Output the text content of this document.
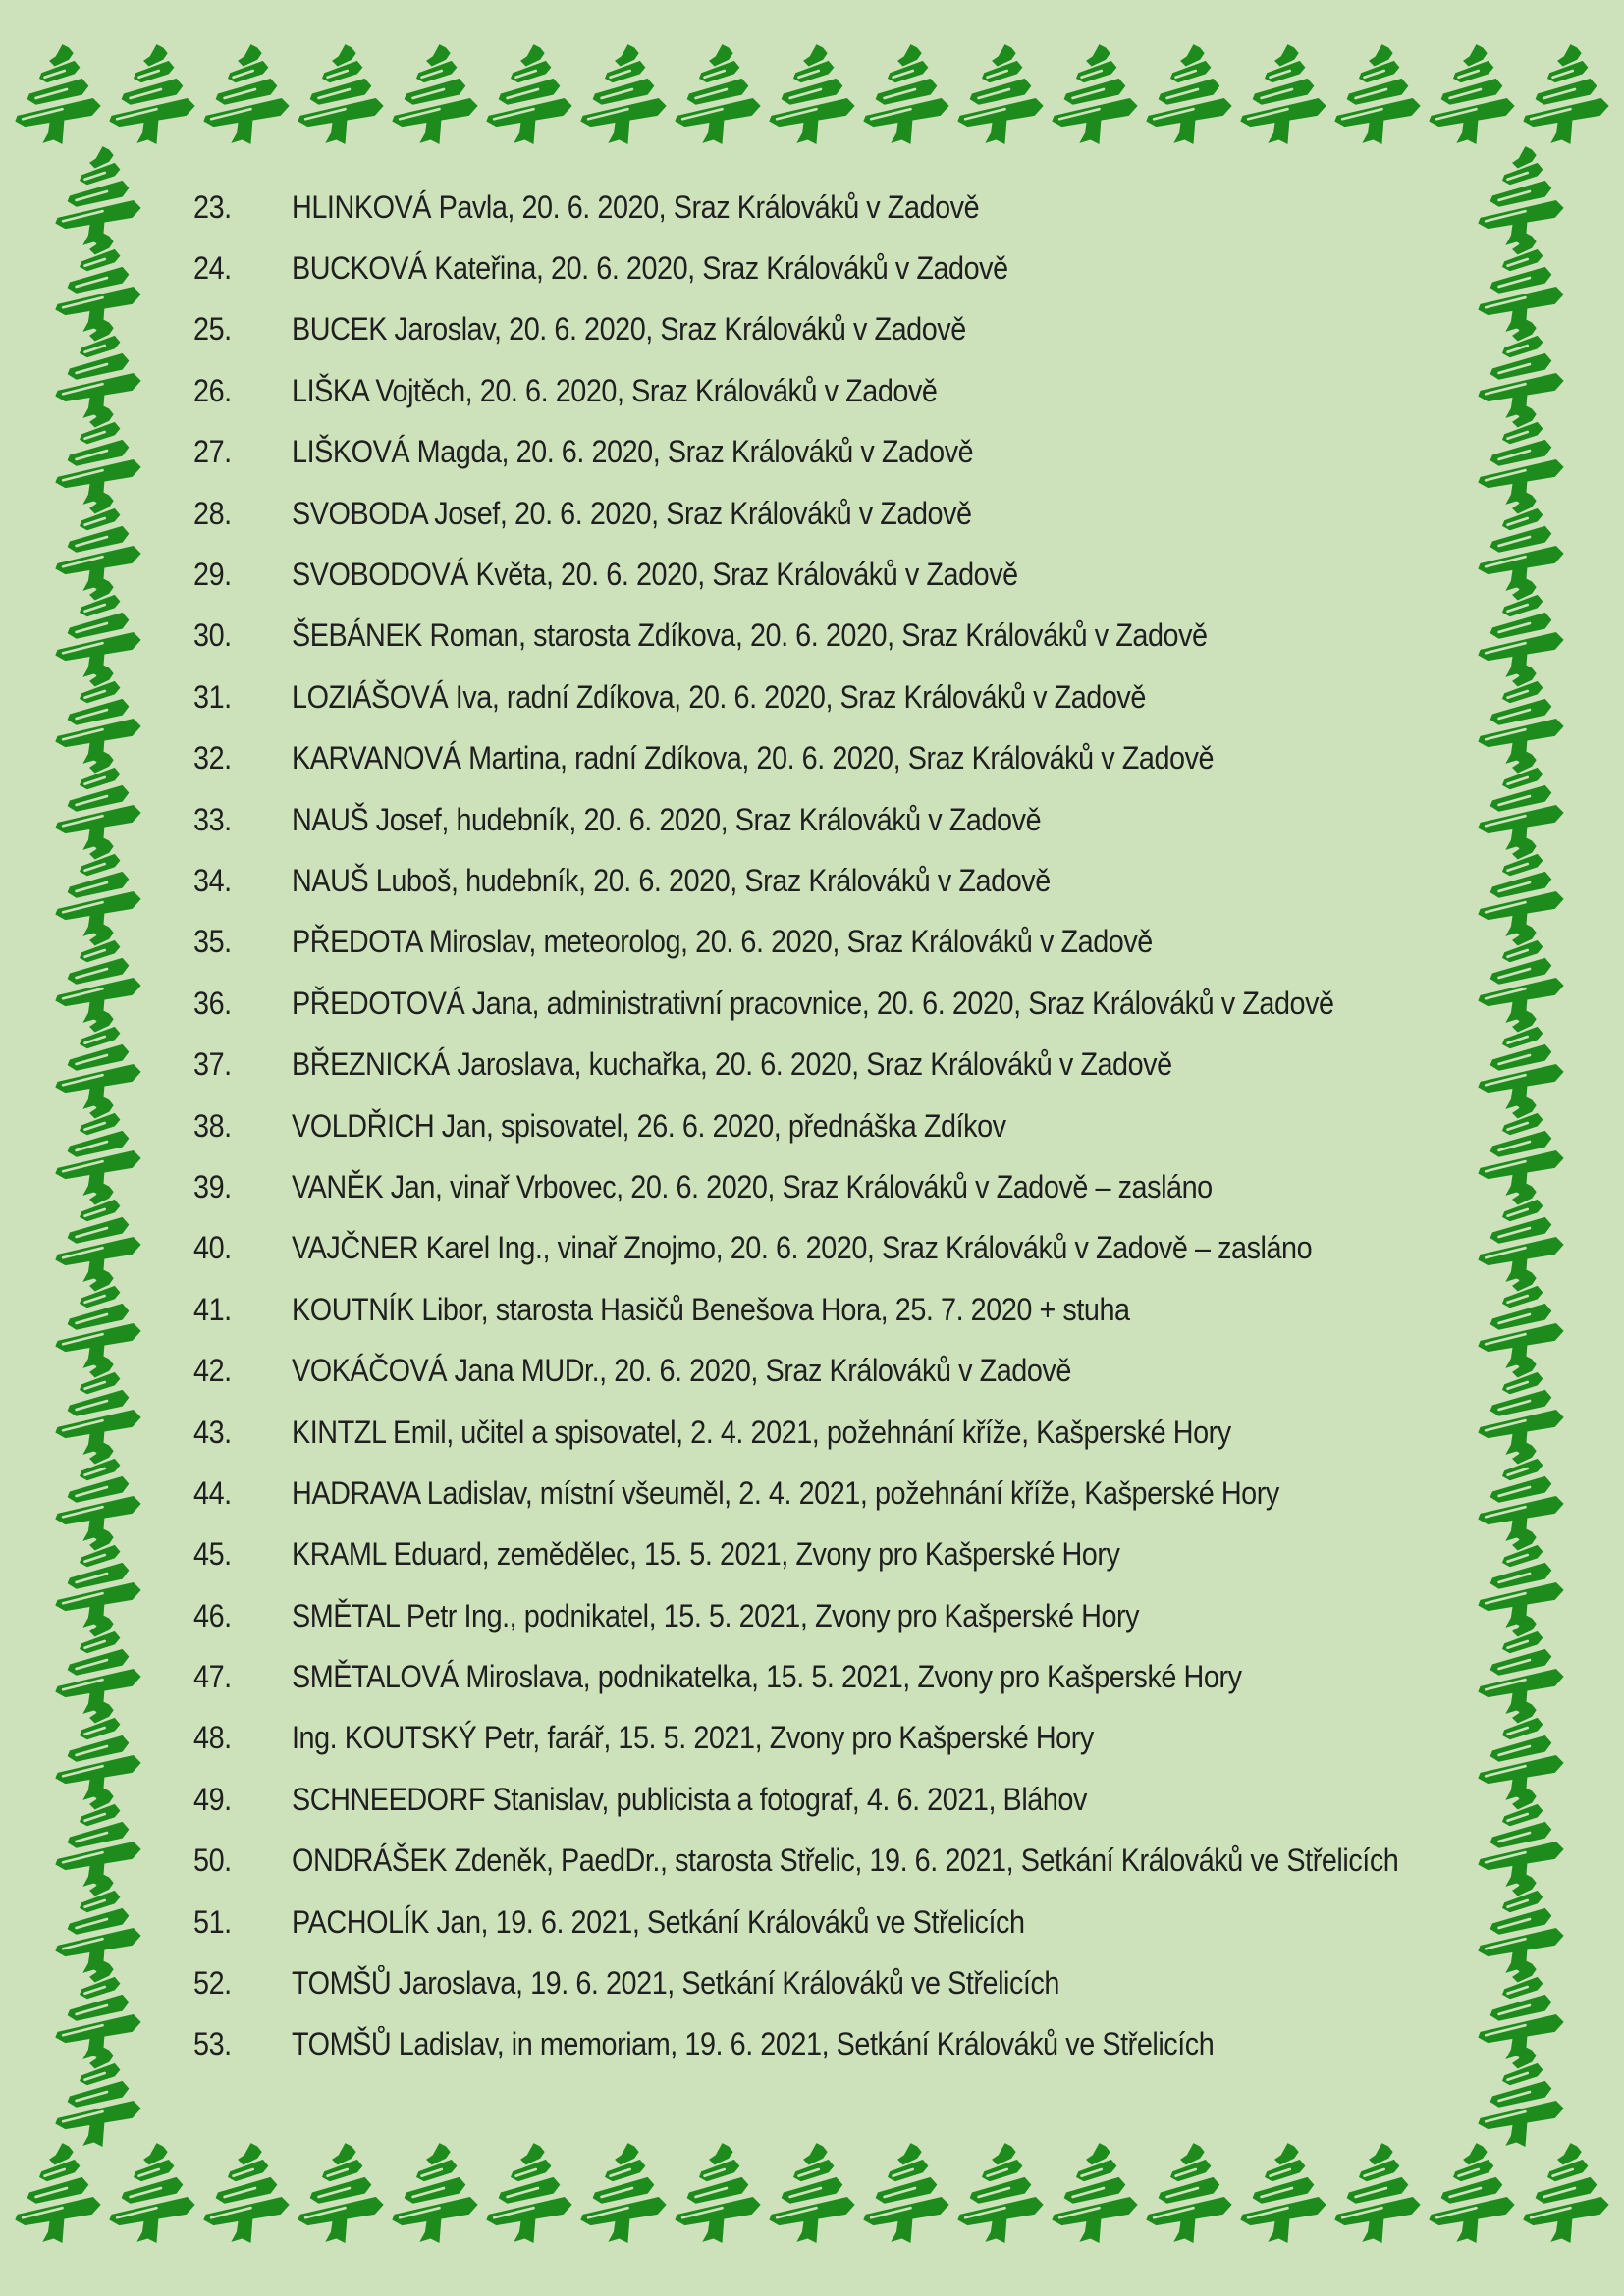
23.	HLINKOVÁ Pavla, 20. 6. 2020, Sraz Králováků v Zadově
24.	BUCKOVÁ Kateřina, 20. 6. 2020, Sraz Králováků v Zadově
25.	BUCEK Jaroslav, 20. 6. 2020, Sraz Králováků v Zadově
26.	LIŠKA Vojtěch, 20. 6. 2020, Sraz Králováků v Zadově
27.	LIŠKOVÁ Magda, 20. 6. 2020, Sraz Králováků v Zadově
28.	SVOBODA Josef, 20. 6. 2020, Sraz Králováků v Zadově
29.	SVOBODOVÁ Květa, 20. 6. 2020, Sraz Králováků v Zadově
30.	ŠEBÁNEK Roman, starosta Zdíkova, 20. 6. 2020, Sraz Králováků v Zadově
31.	LOZIÁŠOVÁ Iva, radní Zdíkova, 20. 6. 2020, Sraz Králováků v Zadově
32.	KARVANOVÁ Martina, radní Zdíkova, 20. 6. 2020, Sraz Králováků v Zadově
33.	NAUŠ Josef, hudebník, 20. 6. 2020, Sraz Králováků v Zadově
34.	NAUŠ Luboš, hudebník, 20. 6. 2020, Sraz Králováků v Zadově
35.	PŘEDOTA Miroslav, meteorolog, 20. 6. 2020, Sraz Králováků v Zadově
36.	PŘEDOTOVÁ Jana, administrativní pracovnice, 20. 6. 2020, Sraz Králováků v Zadově
37.	BŘEZNICKÁ Jaroslava, kuchařka, 20. 6. 2020, Sraz Králováků v Zadově
38.	VOLDŘICH Jan, spisovatel, 26. 6. 2020, přednáška Zdíkov
39.	VANĚK Jan, vinař Vrbovec, 20. 6. 2020, Sraz Králováků v Zadově – zasláno
40.	VAJČNER Karel Ing., vinař Znojmo, 20. 6. 2020, Sraz Králováků v Zadově – zasláno
41.	KOUTNÍK Libor, starosta Hasičů Benešova Hora, 25. 7. 2020 + stuha
42.	VOKÁČOVÁ Jana MUDr., 20. 6. 2020, Sraz Králováků v Zadově
43.	KINTZL Emil, učitel a spisovatel, 2. 4. 2021, požehnání kříže, Kašperské Hory
44.	HADRAVA Ladislav, místní všeuměl, 2. 4. 2021, požehnání kříže, Kašperské Hory
45.	KRAML Eduard, zemědělec, 15. 5. 2021, Zvony pro Kašperské Hory
46.	SMĚTAL Petr Ing., podnikatel, 15. 5. 2021, Zvony pro Kašperské Hory
47.	SMĚTALOVÁ Miroslava, podnikatelka, 15. 5. 2021, Zvony pro Kašperské Hory
48.	Ing. KOUTSKÝ Petr, farář, 15. 5. 2021, Zvony pro Kašperské Hory
49.	SCHNEEDORF Stanislav, publicista a fotograf, 4. 6. 2021, Bláhov
50.	ONDRÁŠEK Zdeněk, PaedDr., starosta Střelic, 19. 6. 2021, Setkání Králováků ve Střelicích
51.	PACHOLÍK Jan, 19. 6. 2021, Setkání Králováků ve Střelicích
52.	TOMŠŮ Jaroslava, 19. 6. 2021, Setkání Králováků ve Střelicích
53.	TOMŠŮ Ladislav, in memoriam, 19. 6. 2021, Setkání Králováků ve Střelicích
